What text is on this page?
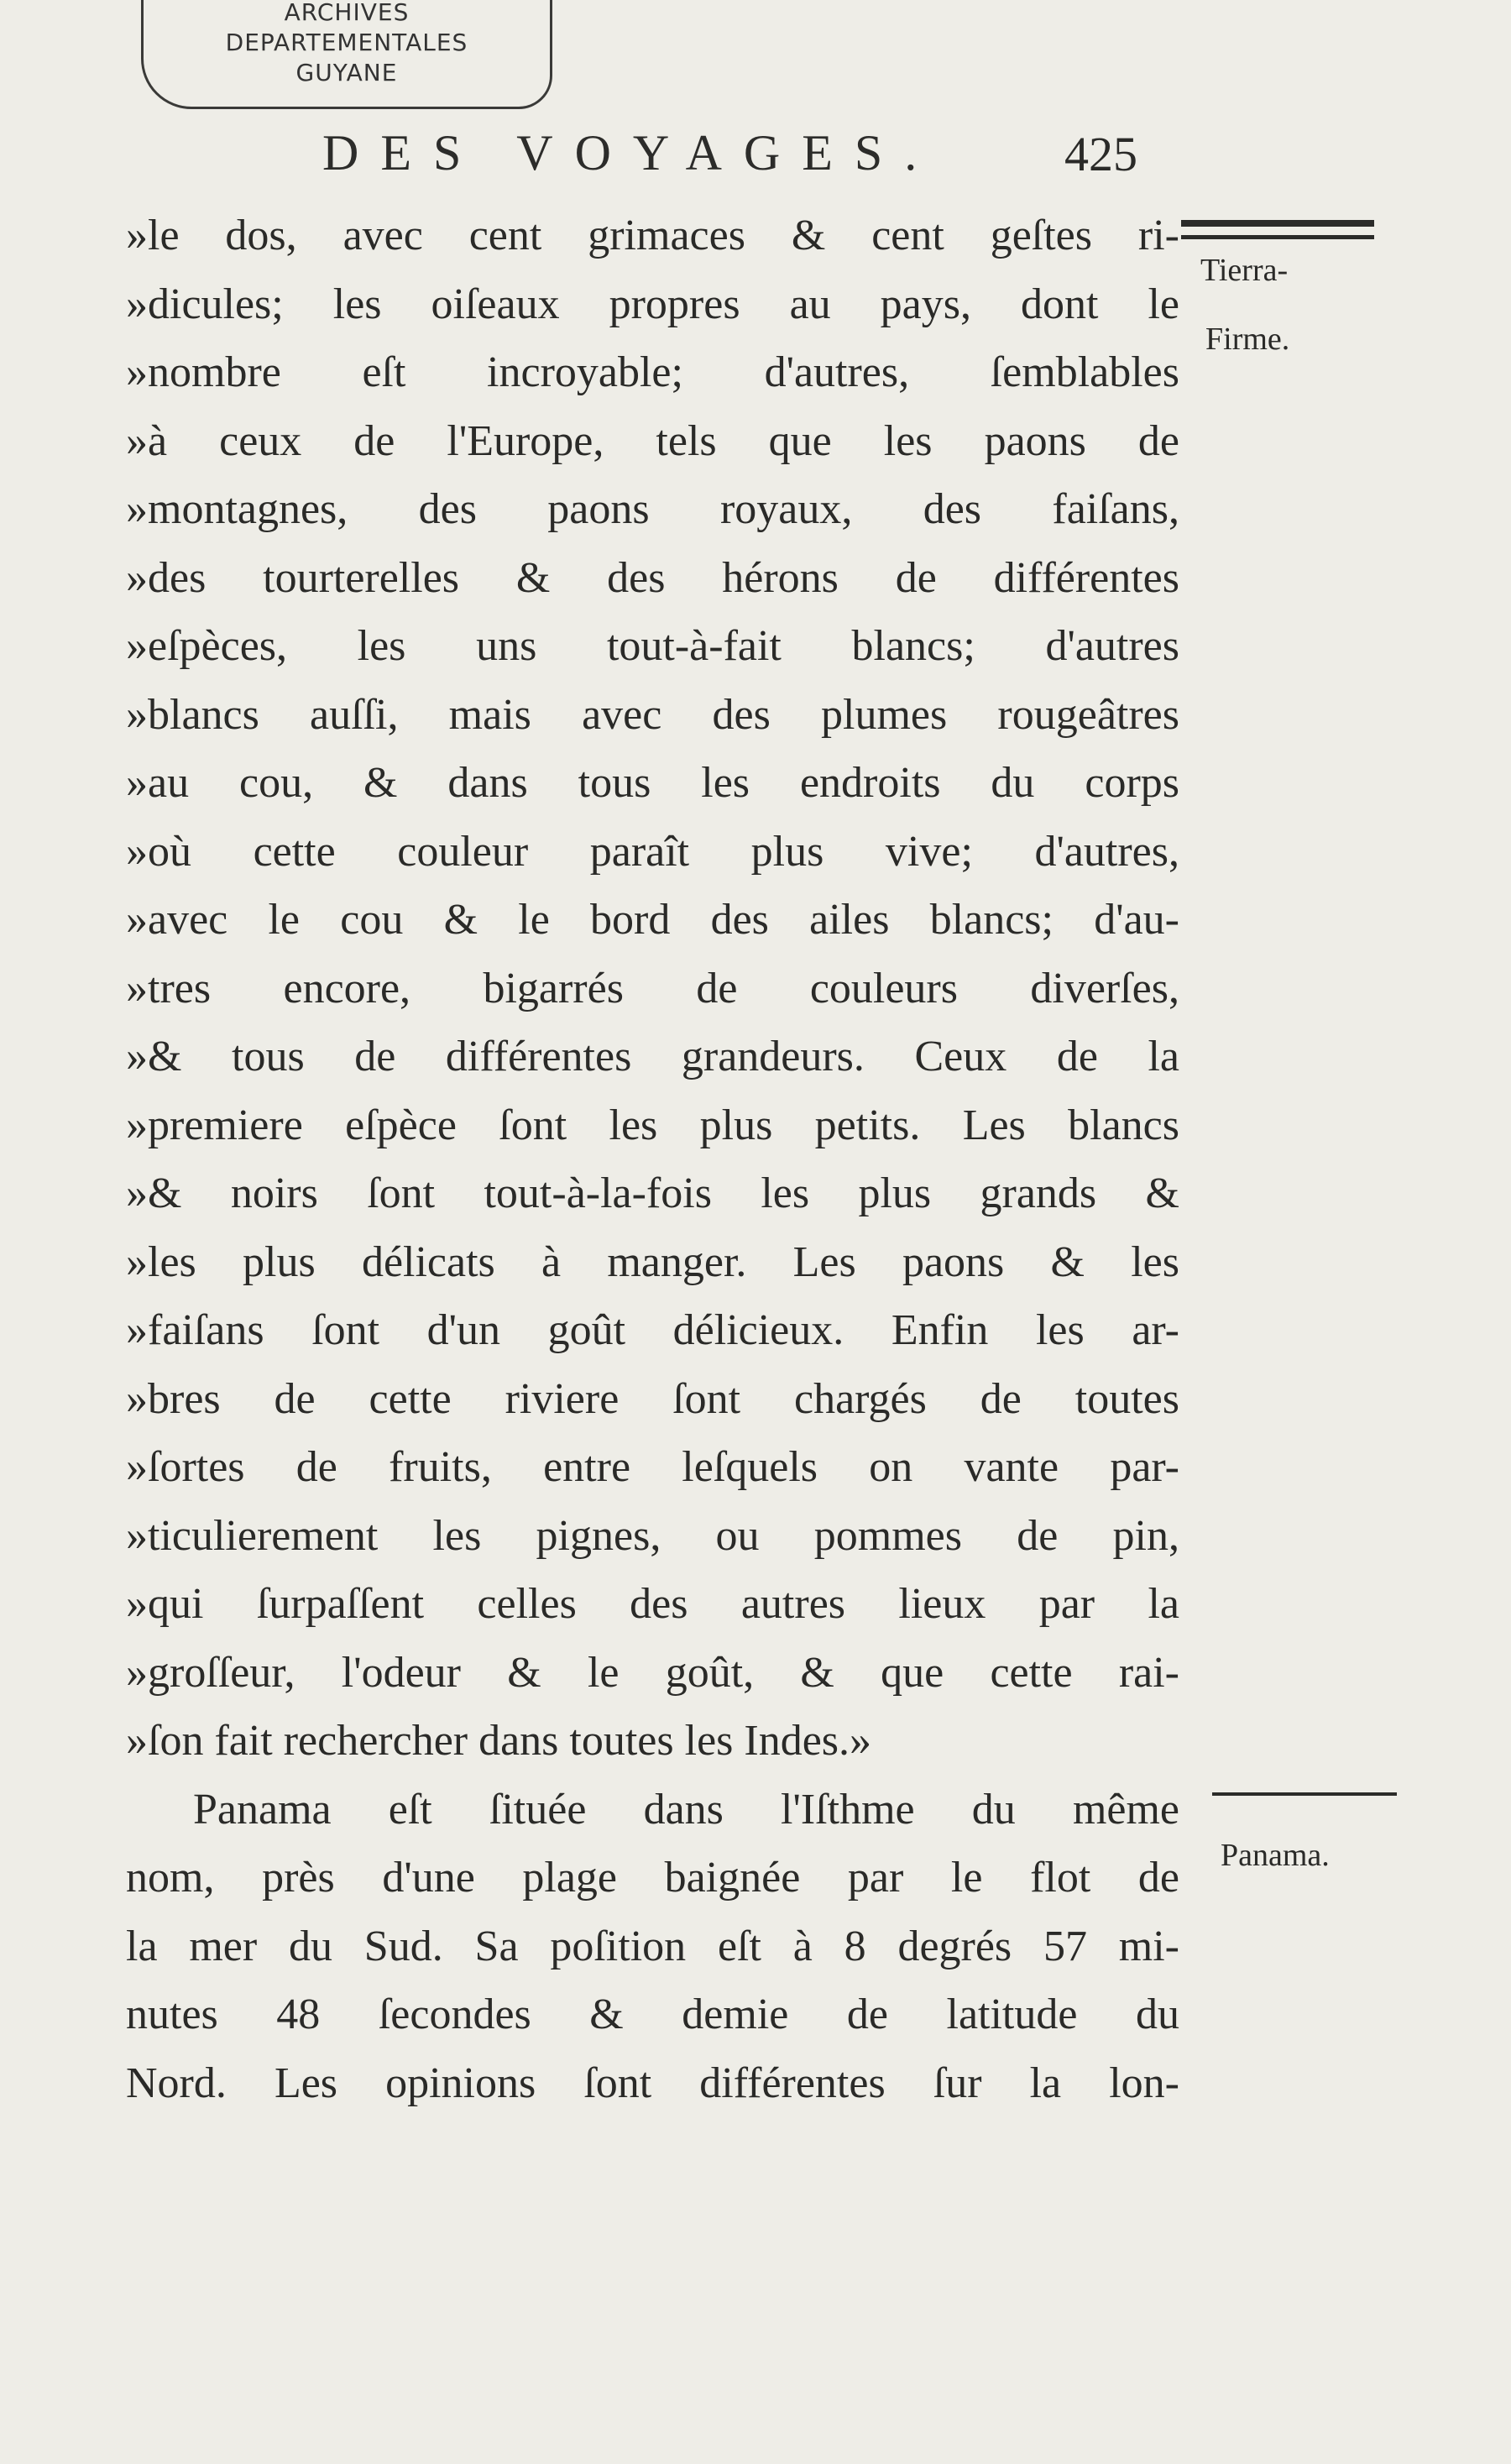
ARCHIVES
DEPARTEMENTALES
GUYANE
DES VOYAGES.	425
»le dos, avec cent grimaces & cent geſtes ri-
»dicules; les oiſeaux propres au pays, dont le
»nombre eſt incroyable; d'autres, ſemblables
»à ceux de l'Europe, tels que les paons de
»montagnes, des paons royaux, des faiſans,
»des tourterelles & des hérons de différentes
»eſpèces, les uns tout-à-fait blancs; d'autres
»blancs auſſi, mais avec des plumes rougeâtres
»au cou, & dans tous les endroits du corps
»où cette couleur paraît plus vive; d'autres,
»avec le cou & le bord des ailes blancs; d'au-
»tres encore, bigarrés de couleurs diverſes,
»& tous de différentes grandeurs. Ceux de la
»premiere eſpèce ſont les plus petits. Les blancs
»& noirs ſont tout-à-la-fois les plus grands &
»les plus délicats à manger. Les paons & les
»faiſans ſont d'un goût délicieux. Enfin les ar-
»bres de cette riviere ſont chargés de toutes
»ſortes de fruits, entre leſquels on vante par-
»ticulierement les pignes, ou pommes de pin,
»qui ſurpaſſent celles des autres lieux par la
»groſſeur, l'odeur & le goût, & que cette rai-
»ſon fait rechercher dans toutes les Indes.»
Panama eſt ſituée dans l'Iſthme du même
nom, près d'une plage baignée par le flot de
la mer du Sud. Sa poſition eſt à 8 degrés 57 mi-
nutes 48 ſecondes & demie de latitude du
Nord. Les opinions ſont différentes ſur la lon-
Tierra-
Firme.
Panama.
